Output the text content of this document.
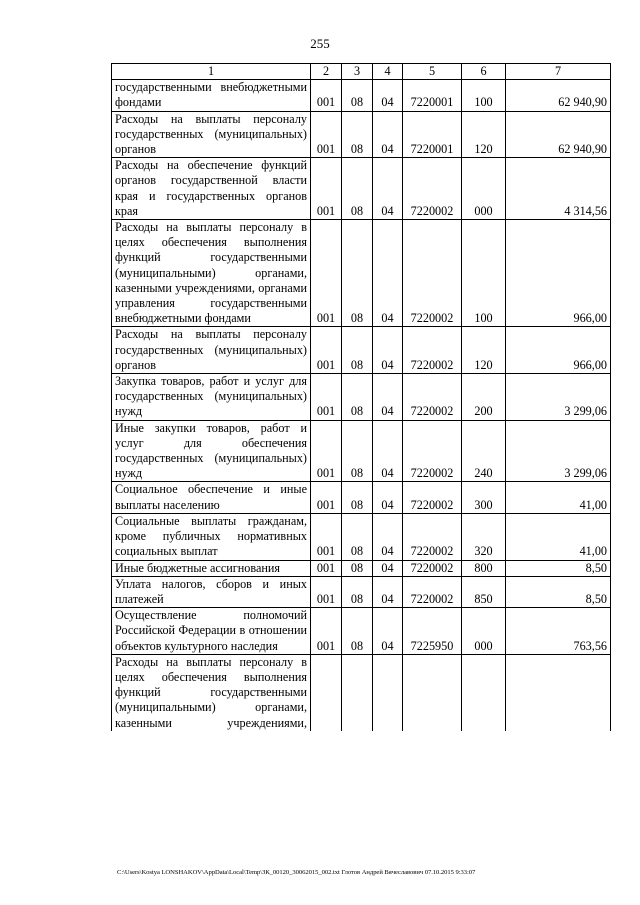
255
1	2	3	4	5	6	7
государственными внебюджетными фондами	001	08	04	7220001	100	62 940,90
Расходы на выплаты персоналу государственных (муниципальных) органов	001	08	04	7220001	120	62 940,90
Расходы на обеспечение функций органов государственной власти края и государственных органов края	001	08	04	7220002	000	4 314,56
Расходы на выплаты персоналу в целях обеспечения выполнения функций государственными (муниципальными) органами, казенными учреждениями, органами управления государственными внебюджетными фондами	001	08	04	7220002	100	966,00
Расходы на выплаты персоналу государственных (муниципальных) органов	001	08	04	7220002	120	966,00
Закупка товаров, работ и услуг для государственных (муниципальных) нужд	001	08	04	7220002	200	3 299,06
Иные закупки товаров, работ и услуг для обеспечения государственных (муниципальных) нужд	001	08	04	7220002	240	3 299,06
Социальное обеспечение и иные выплаты населению	001	08	04	7220002	300	41,00
Социальные выплаты гражданам, кроме публичных нормативных социальных выплат	001	08	04	7220002	320	41,00
Иные бюджетные ассигнования	001	08	04	7220002	800	8,50
Уплата налогов, сборов и иных платежей	001	08	04	7220002	850	8,50
Осуществление полномочий Российской Федерации в отношении объектов культурного наследия	001	08	04	7225950	000	763,56
Расходы на выплаты персоналу в целях обеспечения выполнения функций государственными (муниципальными) органами, казенными учреждениями,						
C:\Users\Kostya LONSHAKOV\AppData\Local\Temp\ЗК_00120_30062015_002.txt Глотов Андрей Вячеславович 07.10.2015 9:33:07
